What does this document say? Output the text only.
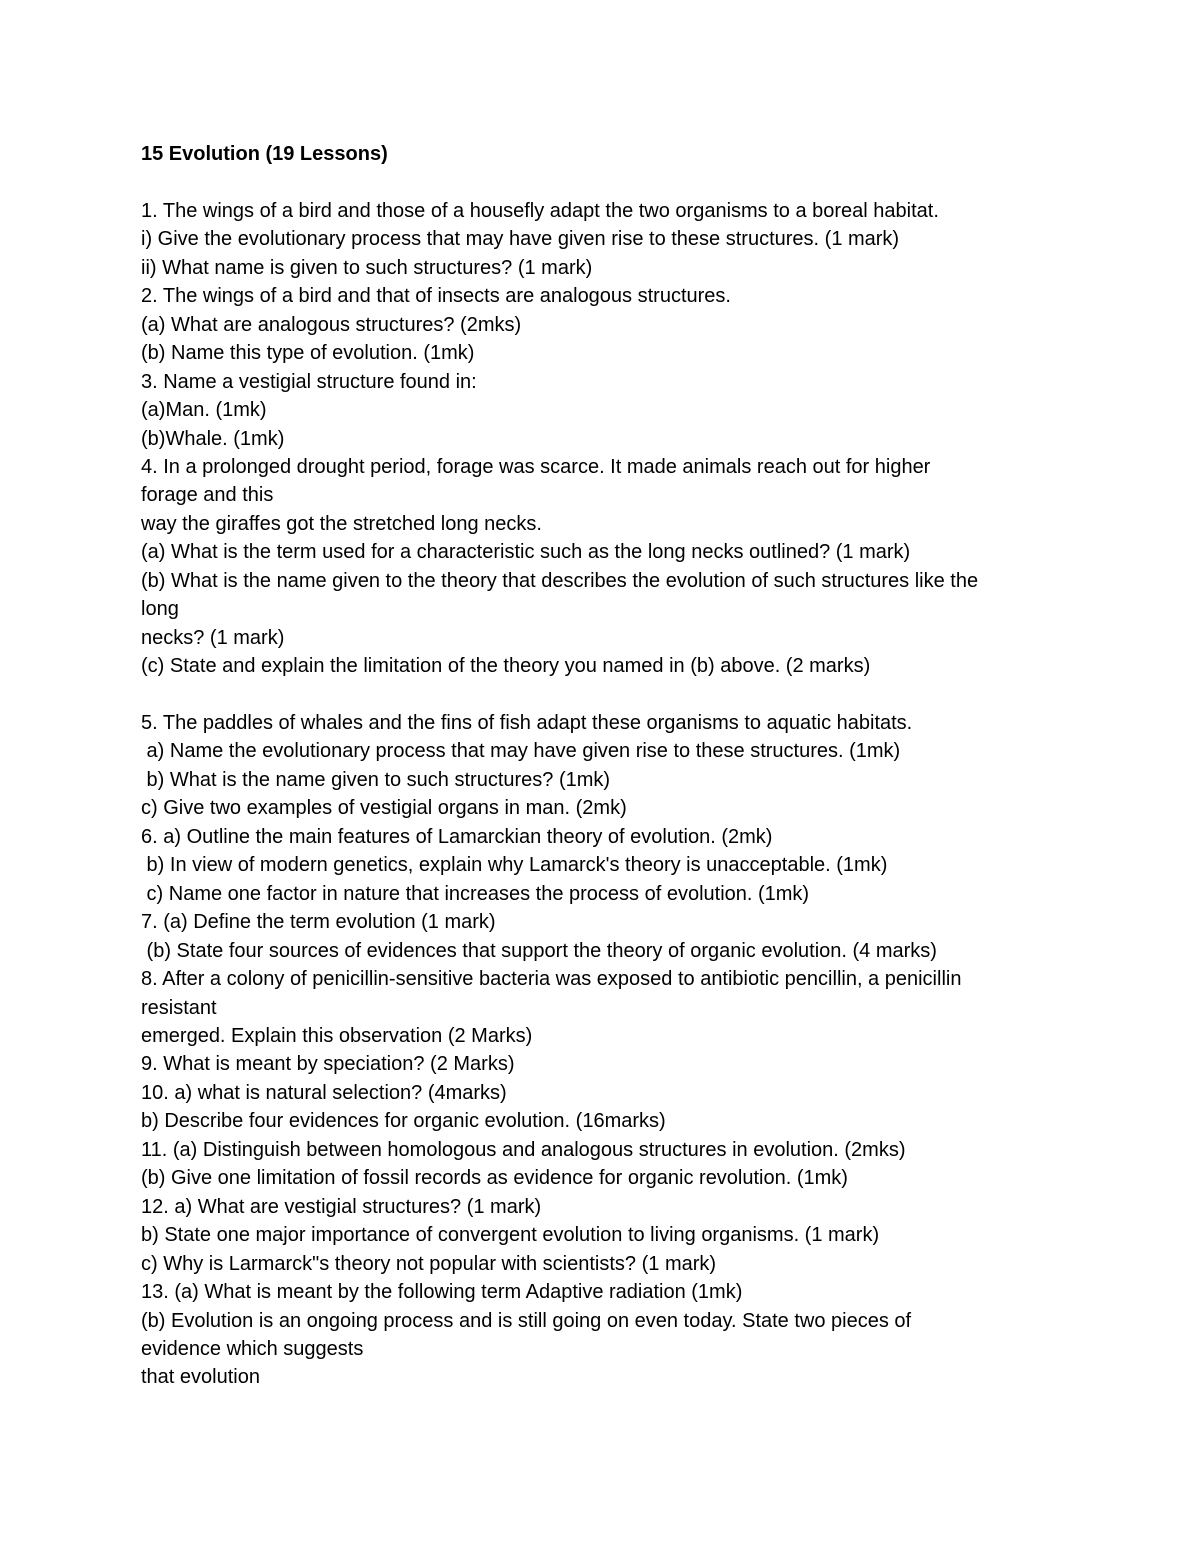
15 Evolution (19 Lessons)

1. The wings of a bird and those of a housefly adapt the two organisms to a boreal habitat.

i) Give the evolutionary process that may have given rise to these structures. (1 mark)

ii) What name is given to such structures? (1 mark)

2. The wings of a bird and that of insects are analogous structures.

(a) What are analogous structures? (2mks)

(b) Name this type of evolution. (1mk)

3. Name a vestigial structure found in:

(a)Man. (1mk)

(b)Whale. (1mk)

4. In a prolonged drought period, forage was scarce. It made animals reach out for higher

forage and this

way the giraffes got the stretched long necks.

(a) What is the term used for a characteristic such as the long necks outlined? (1 mark)

(b) What is the name given to the theory that describes the evolution of such structures like the

long

necks? (1 mark)

(c) State and explain the limitation of the theory you named in (b) above. (2 marks)

5. The paddles of whales and the fins of fish adapt these organisms to aquatic habitats.

a) Name the evolutionary process that may have given rise to these structures. (1mk)

b) What is the name given to such structures? (1mk)

c) Give two examples of vestigial organs in man. (2mk)

6. a) Outline the main features of Lamarckian theory of evolution. (2mk)

b) In view of modern genetics, explain why Lamarck's theory is unacceptable. (1mk)

c) Name one factor in nature that increases the process of evolution. (1mk)

7. (a) Define the term evolution (1 mark)

(b) State four sources of evidences that support the theory of organic evolution. (4 marks)

8. After a colony of penicillin-sensitive bacteria was exposed to antibiotic pencillin, a penicillin

resistant

emerged. Explain this observation (2 Marks)

9. What is meant by speciation? (2 Marks)

10. a) what is natural selection? (4marks)

b) Describe four evidences for organic evolution. (16marks)

11. (a) Distinguish between homologous and analogous structures in evolution. (2mks)

(b) Give one limitation of fossil records as evidence for organic revolution. (1mk)

12. a) What are vestigial structures? (1 mark)

b) State one major importance of convergent evolution to living organisms. (1 mark)

c) Why is Larmarck"s theory not popular with scientists? (1 mark)

13. (a) What is meant by the following term Adaptive radiation (1mk)

(b) Evolution is an ongoing process and is still going on even today. State two pieces of

evidence which suggests

that evolution
